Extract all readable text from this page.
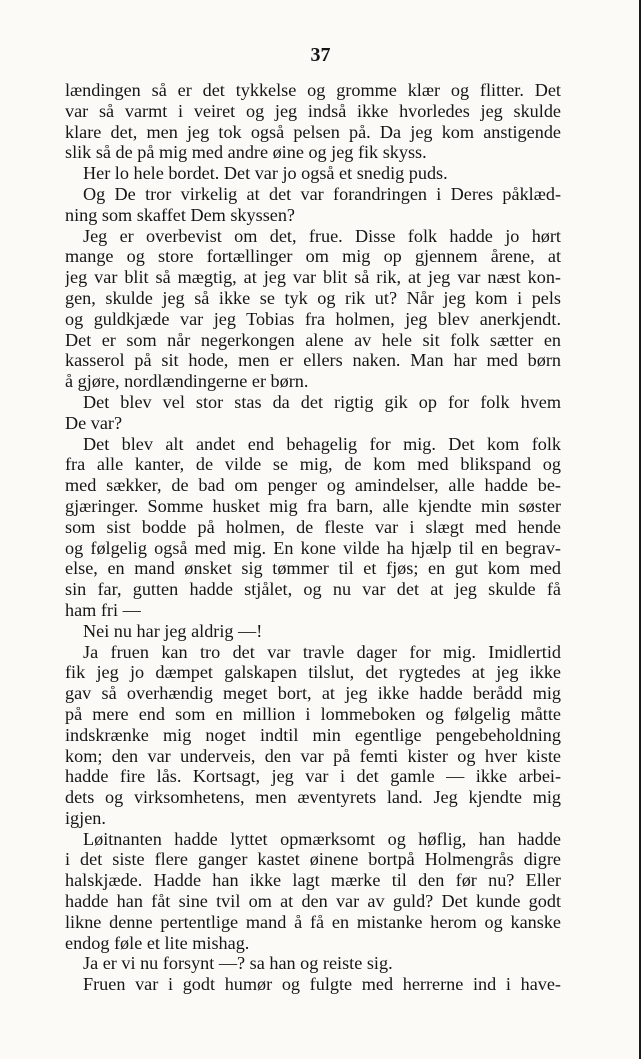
37
lændingen så er det tykkelse og gromme klær og flitter. Det
var så varmt i veiret og jeg indså ikke hvorledes jeg skulde
klare det, men jeg tok også pelsen på. Da jeg kom anstigende
slik så de på mig med andre øine og jeg fik skyss.
Her lo hele bordet. Det var jo også et snedig puds.
Og De tror virkelig at det var forandringen i Deres påklæd-
ning som skaffet Dem skyssen?
Jeg er overbevist om det, frue. Disse folk hadde jo hørt
mange og store fortællinger om mig op gjennem årene, at
jeg var blit så mægtig, at jeg var blit så rik, at jeg var næst kon-
gen, skulde jeg så ikke se tyk og rik ut? Når jeg kom i pels
og guldkjæde var jeg Tobias fra holmen, jeg blev anerkjendt.
Det er som når negerkongen alene av hele sit folk sætter en
kasserol på sit hode, men er ellers naken. Man har med børn
å gjøre, nordlændingerne er børn.
Det blev vel stor stas da det rigtig gik op for folk hvem
De var?
Det blev alt andet end behagelig for mig. Det kom folk
fra alle kanter, de vilde se mig, de kom med blikspand og
med sækker, de bad om penger og amindelser, alle hadde be-
gjæringer. Somme husket mig fra barn, alle kjendte min søster
som sist bodde på holmen, de fleste var i slægt med hende
og følgelig også med mig. En kone vilde ha hjælp til en begrav-
else, en mand ønsket sig tømmer til et fjøs; en gut kom med
sin far, gutten hadde stjålet, og nu var det at jeg skulde få
ham fri —
Nei nu har jeg aldrig —!
Ja fruen kan tro det var travle dager for mig. Imidlertid
fik jeg jo dæmpet galskapen tilslut, det rygtedes at jeg ikke
gav så overhændig meget bort, at jeg ikke hadde berådd mig
på mere end som en million i lommeboken og følgelig måtte
indskrænke mig noget indtil min egentlige pengebeholdning
kom; den var underveis, den var på femti kister og hver kiste
hadde fire lås. Kortsagt, jeg var i det gamle — ikke arbei-
dets og virksomhetens, men æventyrets land. Jeg kjendte mig
igjen.
Løitnanten hadde lyttet opmærksomt og høflig, han hadde
i det siste flere ganger kastet øinene bortpå Holmengrås digre
halskjæde. Hadde han ikke lagt mærke til den før nu? Eller
hadde han fåt sine tvil om at den var av guld? Det kunde godt
likne denne pertentlige mand å få en mistanke herom og kanske
endog føle et lite mishag.
Ja er vi nu forsynt —? sa han og reiste sig.
Fruen var i godt humør og fulgte med herrerne ind i have-
